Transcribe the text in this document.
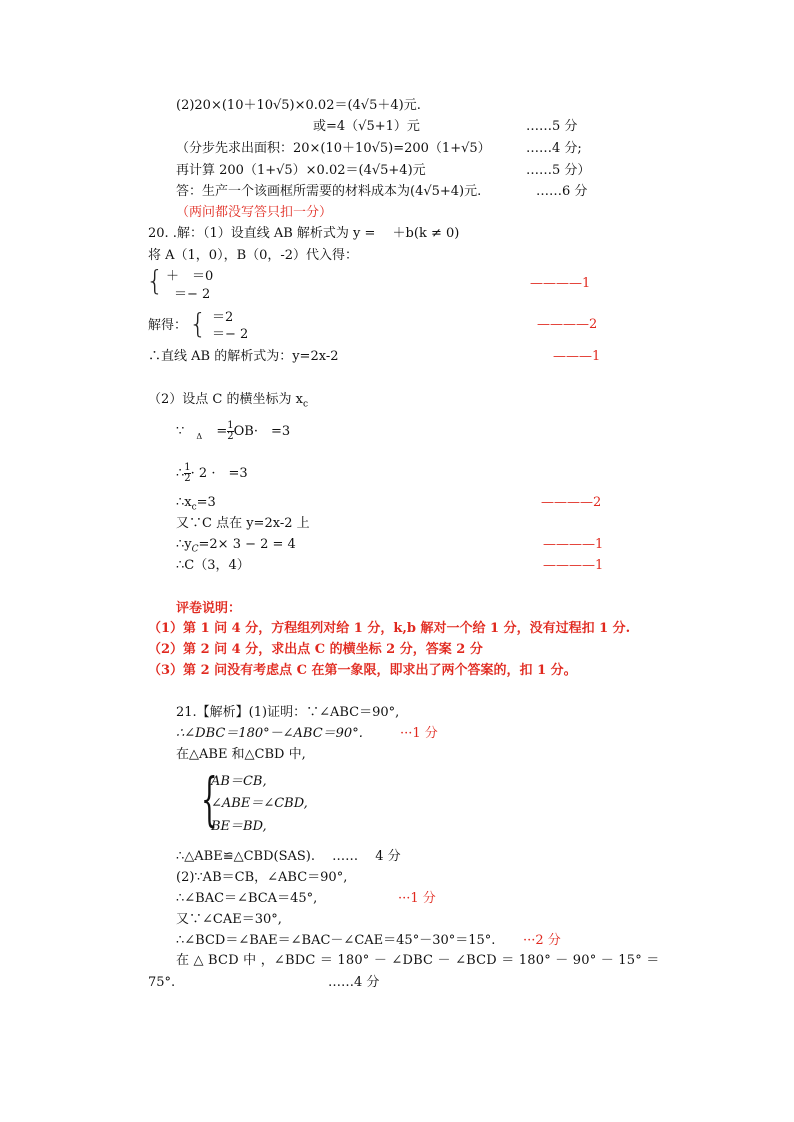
(2)20×(10＋10√5)×0.02＝(4√5＋4)元.
或=4（√5+1）元	……5 分
（分步先求出面积：20×(10＋10√5)=200（1+√5）	……4 分;
再计算 200（1+√5）×0.02＝(4√5+4)元	……5 分）
答：生产一个该画框所需要的材料成本为(4√5+4)元.	……6 分
（两问都没写答只扣一分）
20. .解：（1）设直线 AB 解析式为 y =　 ＋b(k ≠ 0)
将 A（1，0），B（0，-2）代入得：
{ ＋　＝0
＝− 2
————1
解得： { ＝2
＝− 2
————2
∴直线 AB 的解析式为：y=2x-2	———1
（2）设点 C 的横坐标为 $x_c$
∵ $_\Delta = \frac{1}{2} OB\cdot$　=3
∴ $\frac{1}{2} \cdot 2$ ·　=3
$\therefore x_c=3$	————2
又∵C 点在 y=2x-2 上
$\therefore y_C=2\times 3 - 2 = 4$	————1
∴C（3，4）	————1
评卷说明：
（1）第 1 问 4 分，方程组列对给 1 分，k,b 解对一个给 1 分，没有过程扣 1 分.
（2）第 2 问 4 分，求出点 C 的横坐标 2 分，答案 2 分
（3）第 2 问没有考虑点 C 在第一象限，即求出了两个答案的，扣 1 分。
21.【解析】(1)证明：∵∠ABC＝90°,
∴∠DBC＝180°－∠ABC＝90°.	···1 分
在△ABE 和△CBD 中,
{
AB＝CB,
∠ABE＝∠CBD,
BE＝BD,
∴△ABE≌△CBD(SAS).　 ……　 4 分
(2)∵AB＝CB，∠ABC＝90°,
∴∠BAC＝∠BCA＝45°,	···1 分
又∵∠CAE＝30°,
∴∠BCD＝∠BAE＝∠BAC－∠CAE＝45°－30°＝15°. ···2 分
在 △ BCD 中 ，∠BDC ＝ 180° － ∠DBC － ∠BCD ＝ 180° － 90° － 15° ＝
75°.	……4 分
